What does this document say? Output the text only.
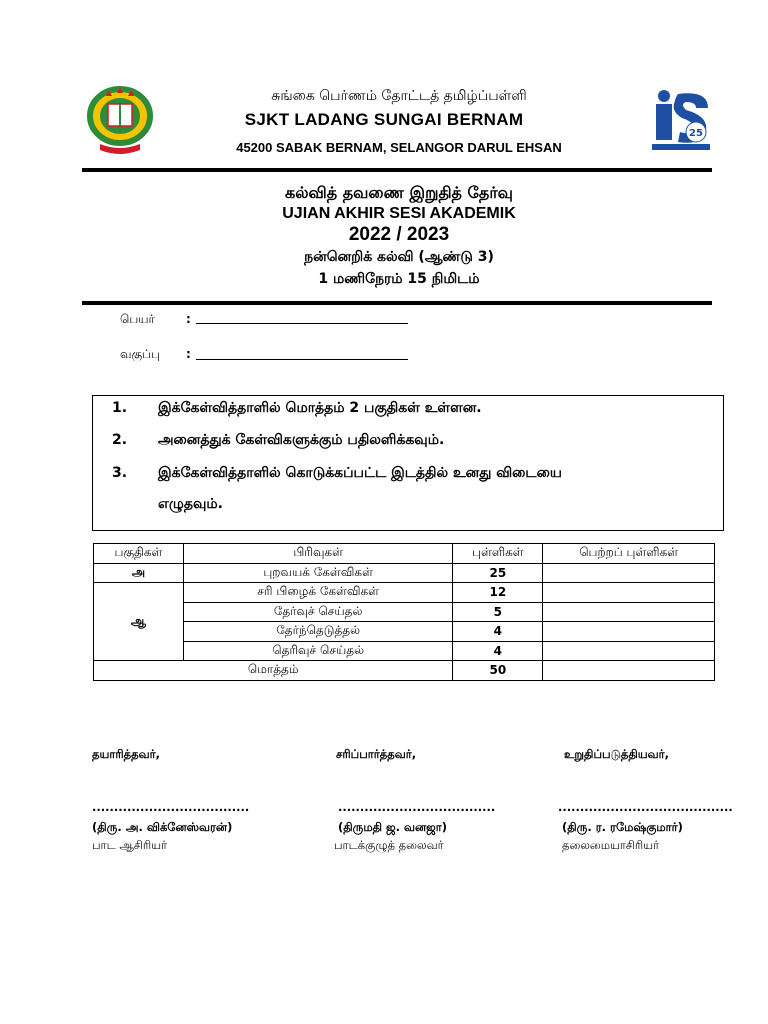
25
சுங்கை பெர்ணம் தோட்டத் தமிழ்ப்பள்ளி
SJKT LADANG SUNGAI BERNAM
45200 SABAK BERNAM, SELANGOR DARUL EHSAN
கல்வித் தவணை இறுதித் தேர்வு
UJIAN AKHIR SESI AKADEMIK
2022 / 2023
நன்னெறிக் கல்வி (ஆண்டு 3)
1 மணிநேரம் 15 நிமிடம்
பெயர்	:
வகுப்பு :
1. இக்கேள்வித்தாளில் மொத்தம் 2 பகுதிகள் உள்ளன.
2. அனைத்துக் கேள்விகளுக்கும் பதிலளிக்கவும்.
3. இக்கேள்வித்தாளில் கொடுக்கப்பட்ட இடத்தில் உனது விடையை
எழுதவும்.
பகுதிகள்	பிரிவுகள்	புள்ளிகள்	பெற்றப் புள்ளிகள்
அ	புறவயக் கேள்விகள்	25	
ஆ	சரி பிழைக் கேள்விகள்	12	
	தேர்வுச் செய்தல்	5	
	தேர்ந்தெடுத்தல்	4	
	தெரிவுச் செய்தல்	4	
மொத்தம்		50	
தயாரித்தவர்,	சரிப்பார்த்தவர்,	உறுதிப்படுத்தியவர்,
....................................	....................................	........................................
(திரு. அ. விக்னேஸ்வரன்)	(திருமதி ஜ. வனஜா)	(திரு. ர. ரமேஷ்குமார்)
பாட ஆசிரியர்	பாடக்குழுத் தலைவர்	தலைமையாசிரியர்
